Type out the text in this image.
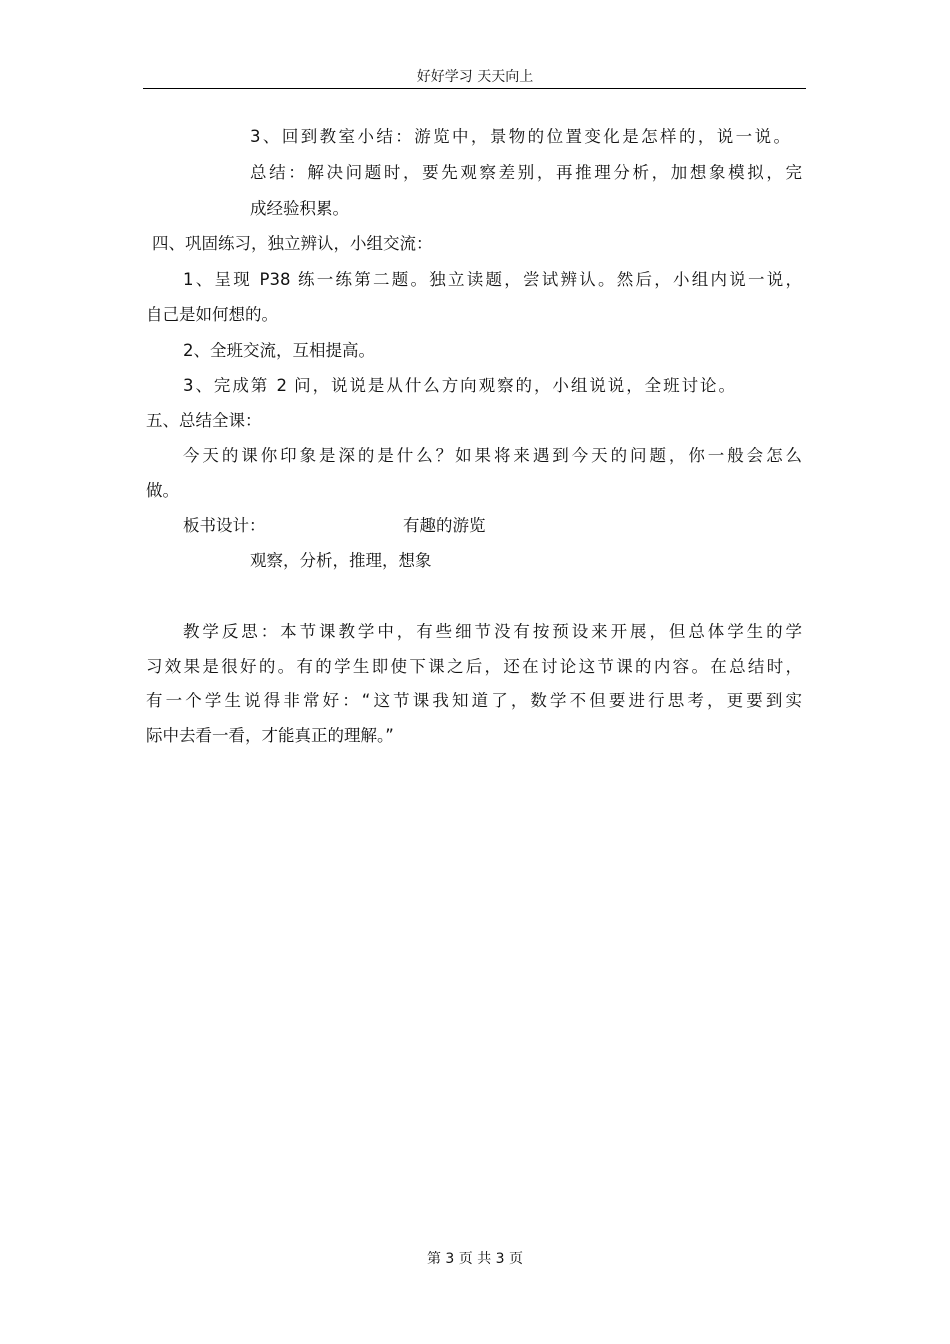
好好学习 天天向上
3、回到教室小结：游览中，景物的位置变化是怎样的，说一说。
总结：解决问题时，要先观察差别，再推理分析，加想象模拟，完
成经验积累。
四、巩固练习，独立辨认，小组交流：
1、呈现 P38 练一练第二题。独立读题，尝试辨认。然后，小组内说一说，
自己是如何想的。
2、全班交流，互相提高。
3、完成第 2 问，说说是从什么方向观察的，小组说说，全班讨论。
五、总结全课：
今天的课你印象是深的是什么？如果将来遇到今天的问题，你一般会怎么
做。
板书设计：	有趣的游览
观察，分析，推理，想象
教学反思：本节课教学中，有些细节没有按预设来开展，但总体学生的学
习效果是很好的。有的学生即使下课之后，还在讨论这节课的内容。在总结时，
有一个学生说得非常好：“这节课我知道了，数学不但要进行思考，更要到实
际中去看一看，才能真正的理解。”
第 3 页 共 3 页
